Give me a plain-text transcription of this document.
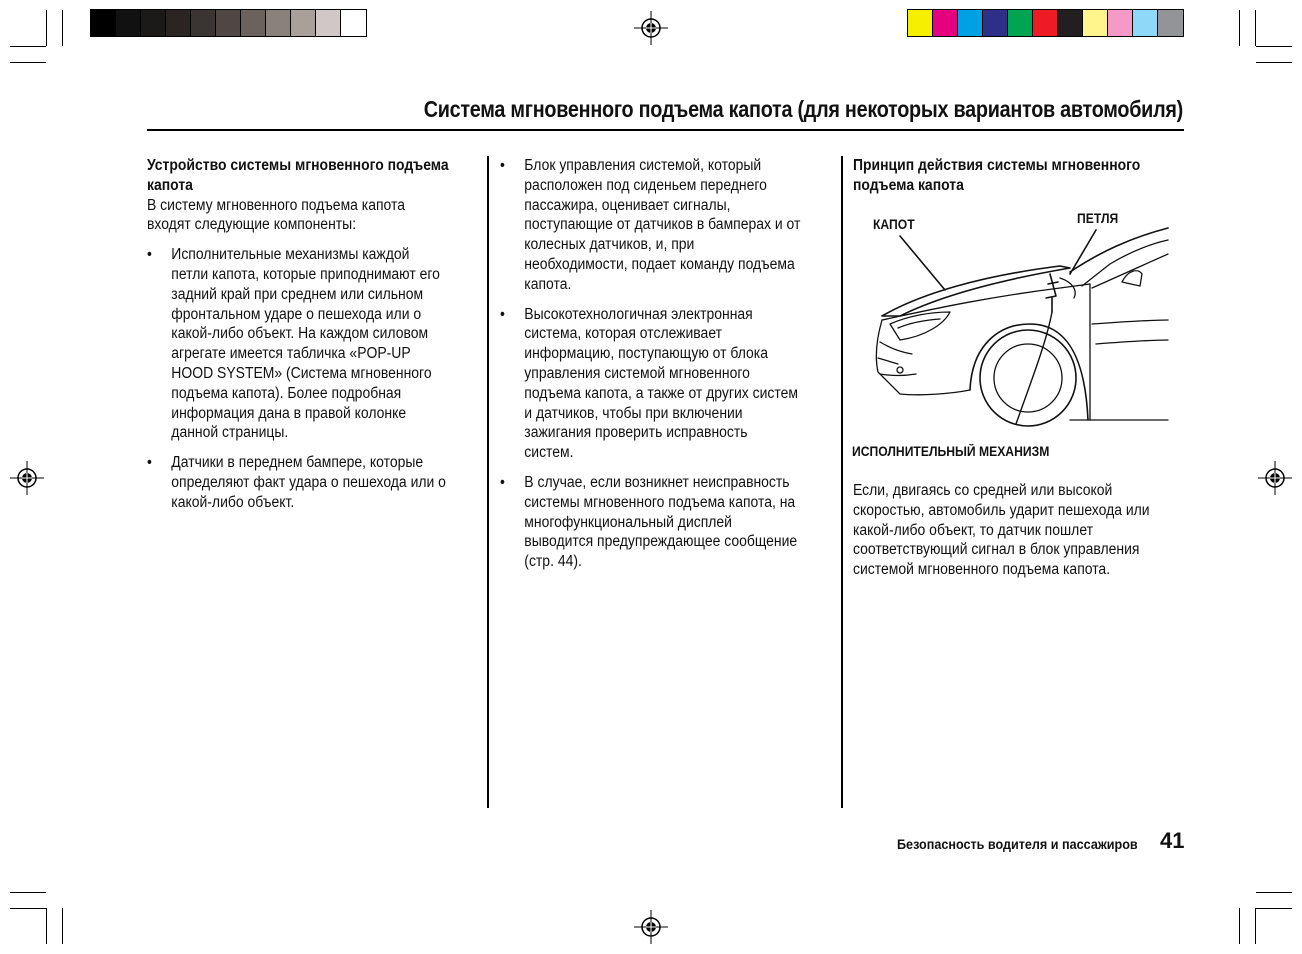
Система мгновенного подъема капота (для некоторых вариантов автомобиля)

Устройство системы мгновенного подъема

капота

В систему мгновенного подъема капота

входят следующие компоненты:

• Исполнительные механизмы каждой

петли капота, которые приподнимают его

задний край при среднем или сильном

фронтальном ударе о пешехода или о

какой-либо объект. На каждом силовом

агрегате имеется табличка «POP-UP

HOOD SYSTEM» (Система мгновенного

подъема капота). Более подробная

информация дана в правой колонке

данной страницы.

• Датчики в переднем бампере, которые

определяют факт удара о пешехода или о

какой-либо объект.

• Блок управления системой, который

расположен под сиденьем переднего

пассажира, оценивает сигналы,

поступающие от датчиков в бамперах и от

колесных датчиков, и, при

необходимости, подает команду подъема

капота.

• Высокотехнологичная электронная

система, которая отслеживает

информацию, поступающую от блока

управления системой мгновенного

подъема капота, а также от других систем

и датчиков, чтобы при включении

зажигания проверить исправность

систем.

• В случае, если возникнет неисправность

системы мгновенного подъема капота, на

многофункциональный дисплей

выводится предупреждающее сообщение

(стр. 44).

Принцип действия системы мгновенного

подъема капота

КАПОТ	ПЕТЛЯ
ИСПОЛНИТЕЛЬНЫЙ МЕХАНИЗМ

Если, двигаясь со средней или высокой

скоростью, автомобиль ударит пешехода или

какой-либо объект, то датчик пошлет

соответствующий сигнал в блок управления

системой мгновенного подъема капота.

Безопасность водителя и пассажиров 41
